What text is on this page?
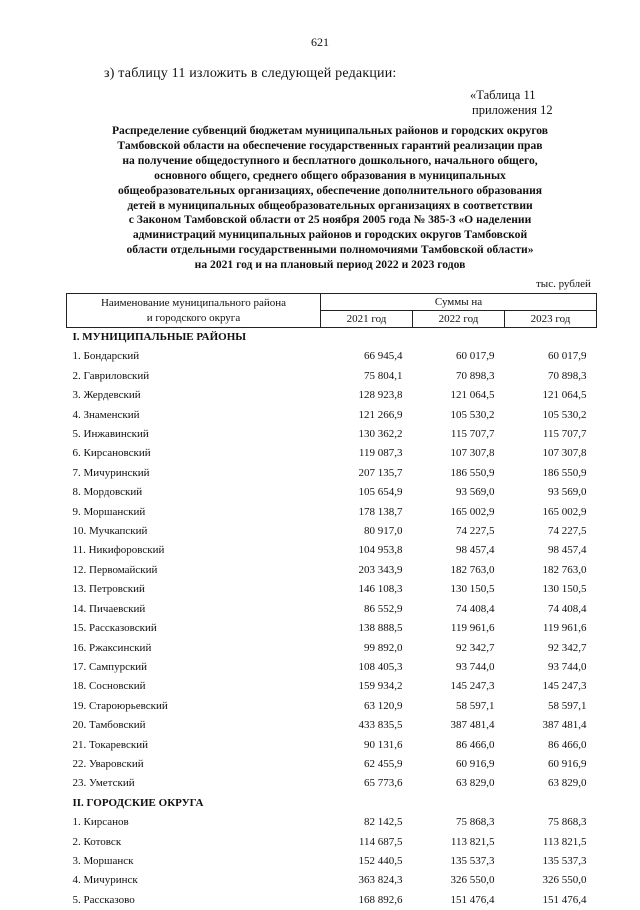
621
з) таблицу 11 изложить в следующей редакции:
«Таблица 11
приложения 12
Распределение субвенций бюджетам муниципальных районов и городских округов
Тамбовской области на обеспечение государственных гарантий реализации прав
на получение общедоступного и бесплатного дошкольного, начального общего,
основного общего, среднего общего образования в муниципальных
общеобразовательных организациях, обеспечение дополнительного образования
детей в муниципальных общеобразовательных организациях в соответствии
с Законом Тамбовской области от 25 ноября 2005 года № 385-З «О наделении
администраций муниципальных районов и городских округов Тамбовской
области отдельными государственными полномочиями Тамбовской области»
на 2021 год и на плановый период 2022 и 2023 годов
тыс. рублей
Наименование муниципального района
и городского округа	Суммы на		
	2021 год	2022 год	2023 год
I. МУНИЦИПАЛЬНЫЕ РАЙОНЫ			
1. Бондарский	66 945,4	60 017,9	60 017,9
2. Гавриловский	75 804,1	70 898,3	70 898,3
3. Жердевский	128 923,8	121 064,5	121 064,5
4. Знаменский	121 266,9	105 530,2	105 530,2
5. Инжавинский	130 362,2	115 707,7	115 707,7
6. Кирсановский	119 087,3	107 307,8	107 307,8
7. Мичуринский	207 135,7	186 550,9	186 550,9
8. Мордовский	105 654,9	93 569,0	93 569,0
9. Моршанский	178 138,7	165 002,9	165 002,9
10. Мучкапский	80 917,0	74 227,5	74 227,5
11. Никифоровский	104 953,8	98 457,4	98 457,4
12. Первомайский	203 343,9	182 763,0	182 763,0
13. Петровский	146 108,3	130 150,5	130 150,5
14. Пичаевский	86 552,9	74 408,4	74 408,4
15. Рассказовский	138 888,5	119 961,6	119 961,6
16. Ржаксинский	99 892,0	92 342,7	92 342,7
17. Сампурский	108 405,3	93 744,0	93 744,0
18. Сосновский	159 934,2	145 247,3	145 247,3
19. Староюрьевский	63 120,9	58 597,1	58 597,1
20. Тамбовский	433 835,5	387 481,4	387 481,4
21. Токаревский	90 131,6	86 466,0	86 466,0
22. Уваровский	62 455,9	60 916,9	60 916,9
23. Уметский	65 773,6	63 829,0	63 829,0
II. ГОРОДСКИЕ ОКРУГА			
1. Кирсанов	82 142,5	75 868,3	75 868,3
2. Котовск	114 687,5	113 821,5	113 821,5
3. Моршанск	152 440,5	135 537,3	135 537,3
4. Мичуринск	363 824,3	326 550,0	326 550,0
5. Рассказово	168 892,6	151 476,4	151 476,4
